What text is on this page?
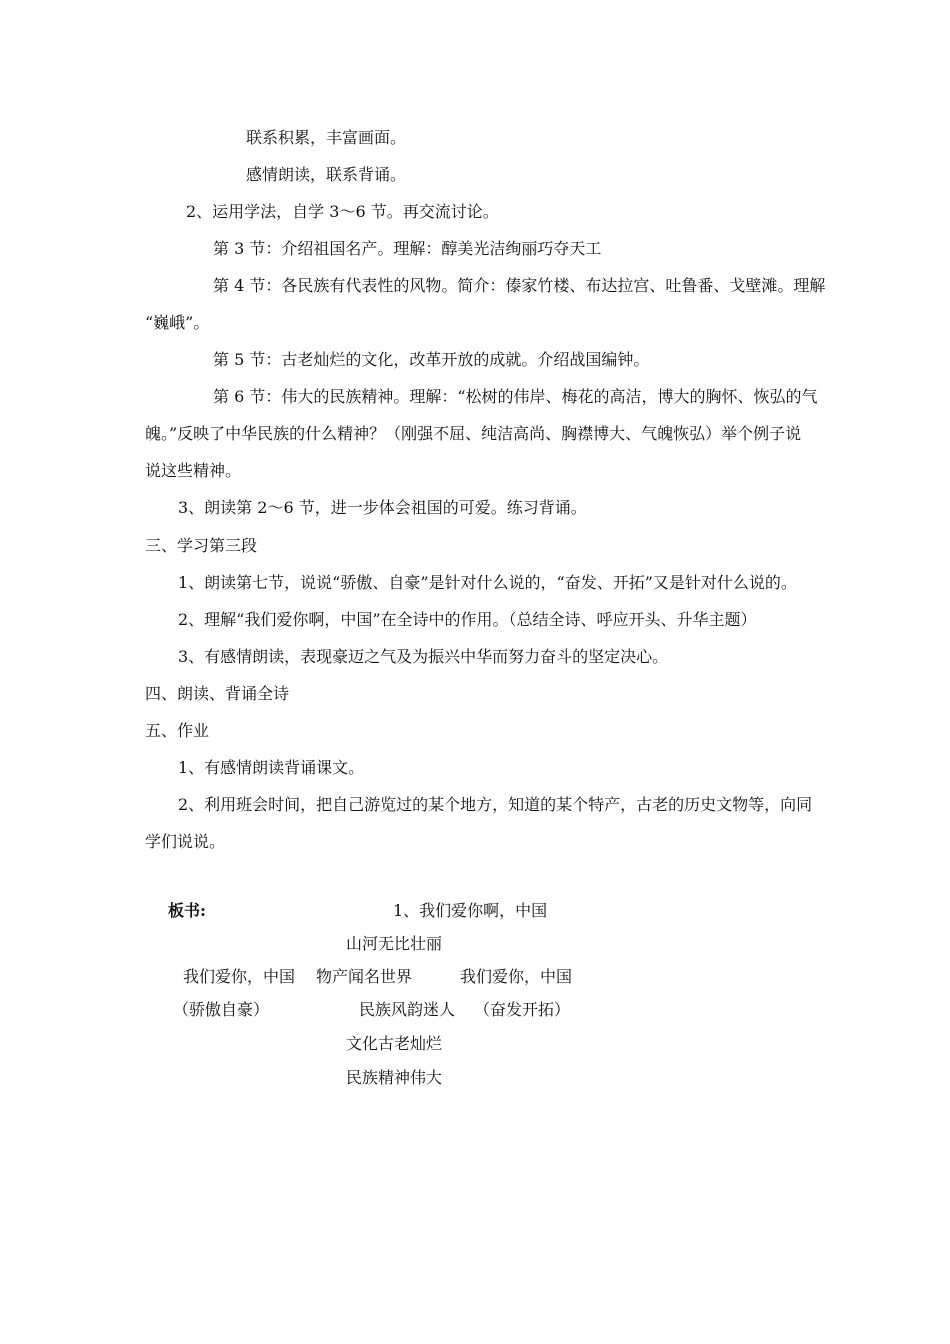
联系积累，丰富画面。
感情朗读，联系背诵。
2、运用学法，自学 3～6 节。再交流讨论。
第 3 节：介绍祖国名产。理解：醇美光洁绚丽巧夺天工
第 4 节：各民族有代表性的风物。简介：傣家竹楼、布达拉宫、吐鲁番、戈壁滩。理解
“巍峨”。
第 5 节：古老灿烂的文化，改革开放的成就。介绍战国编钟。
第 6 节：伟大的民族精神。理解：“松树的伟岸、梅花的高洁，博大的胸怀、恢弘的气
魄。”反映了中华民族的什么精神？（刚强不屈、纯洁高尚、胸襟博大、气魄恢弘）举个例子说
说这些精神。
3、朗读第 2～6 节，进一步体会祖国的可爱。练习背诵。
三、学习第三段
1、朗读第七节，说说“骄傲、自豪”是针对什么说的，“奋发、开拓”又是针对什么说的。
2、理解“我们爱你啊，中国”在全诗中的作用。（总结全诗、呼应开头、升华主题）
3、有感情朗读，表现豪迈之气及为振兴中华而努力奋斗的坚定决心。
四、朗读、背诵全诗
五、作业
1、有感情朗读背诵课文。
2、利用班会时间，把自己游览过的某个地方，知道的某个特产，古老的历史文物等，向同
学们说说。
板书:	1、我们爱你啊，中国
山河无比壮丽
我们爱你，中国 物产闻名世界	我们爱你，中国
（骄傲自豪）	民族风韵迷人 （奋发开拓）
文化古老灿烂
民族精神伟大
